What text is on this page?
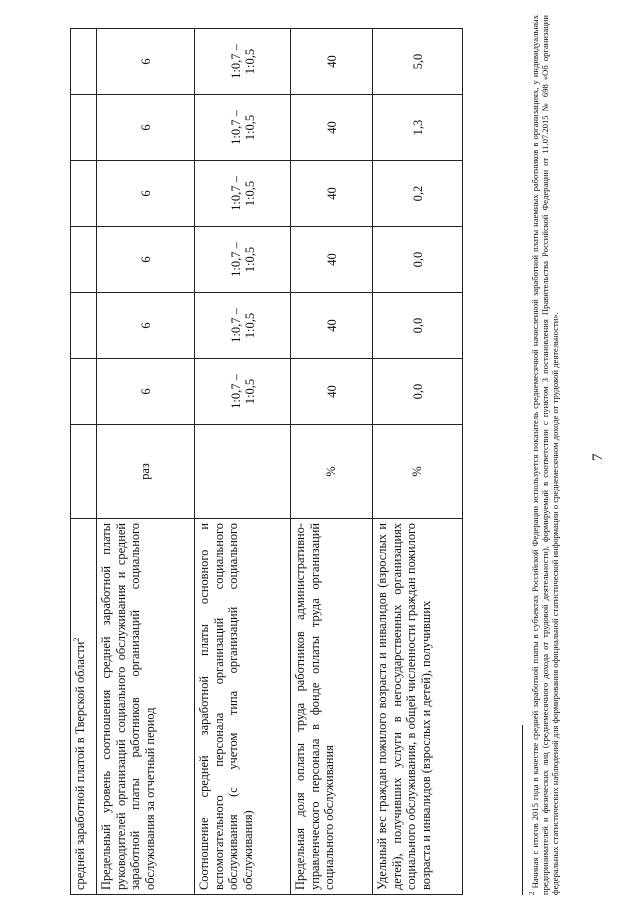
7
средней заработной платой в Тверской области$^2$							
Предельный уровень соотношения средней заработной платы руководителей организаций социального обслуживания и средней заработной платы работников организаций социального обслуживания за отчетный период	раз	6	6	6	6	6	6
Соотношение средней заработной платы основного и вспомогательного персонала организаций социального обслуживания (с учетом типа организаций социального обслуживания)		1:0,7 – 1:0,5	1:0,7 – 1:0,5	1:0,7 – 1:0,5	1:0,7 – 1:0,5	1:0,7 – 1:0,5	1:0,7 – 1:0,5
Предельная доля оплаты труда работников административно-управленческого персонала в фонде оплаты труда организаций социального обслуживания	%	40	40	40	40	40	40
Удельный вес граждан пожилого возраста и инвалидов (взрослых и детей), получивших услуги в негосударственных организациях социального обслуживания, в общей численности граждан пожилого возраста и инвалидов (взрослых и детей), получивших	%	0,0	0,0	0,0	0,2	1,3	5,0
$^2$ Начиная с итогов 2015 года в качестве средней заработной платы в субъектах Российской Федерации используется показатель среднемесячной начисленной заработной платы наемных работников в организациях, у индивидуальных предпринимателей и физических лиц (среднемесячного дохода от трудовой деятельности), формируемый в соответствии с пунктом 3 постановления Правительства Российской Федерации от 11.07.2015 № 698 «Об организации федеральных статистических наблюдений для формирования официальной статистической информации о среднемесячном доходе от трудовой деятельности».
